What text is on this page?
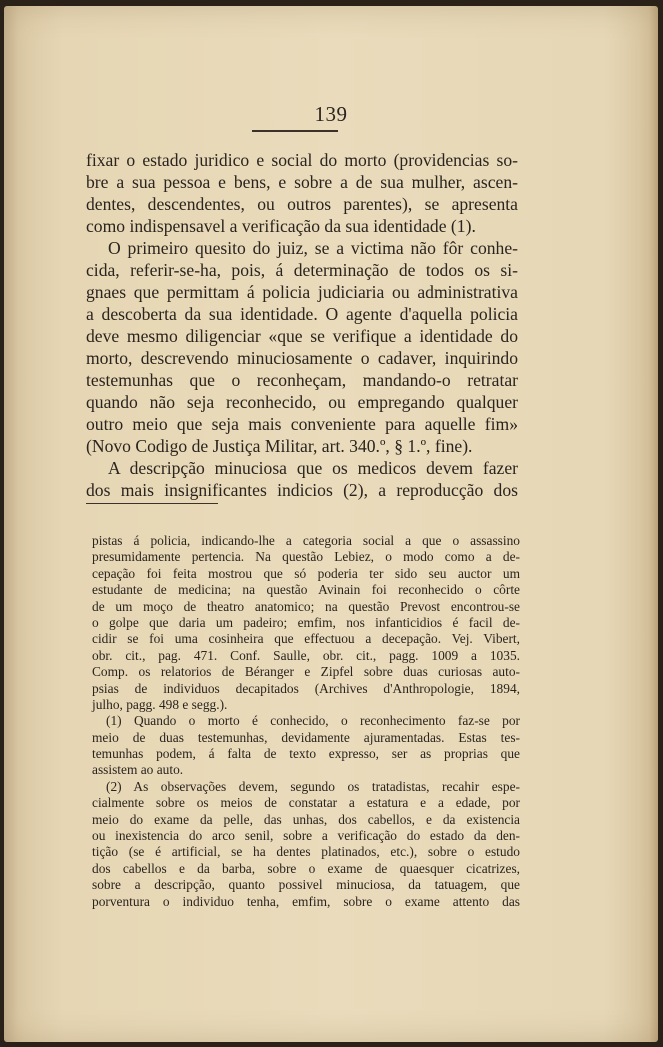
139
fixar o estado juridico e social do morto (providencias so-
bre a sua pessoa e bens, e sobre a de sua mulher, ascen-
dentes, descendentes, ou outros parentes), se apresenta
como indispensavel a verificação da sua identidade (1).
O primeiro quesito do juiz, se a victima não fôr conhe-
cida, referir-se-ha, pois, á determinação de todos os si-
gnaes que permittam á policia judiciaria ou administrativa
a descoberta da sua identidade. O agente d'aquella policia
deve mesmo diligenciar «que se verifique a identidade do
morto, descrevendo minuciosamente o cadaver, inquirindo
testemunhas que o reconheçam, mandando-o retratar
quando não seja reconhecido, ou empregando qualquer
outro meio que seja mais conveniente para aquelle fim»
(Novo Codigo de Justiça Militar, art. 340.º, § 1.º, fine).
A descripção minuciosa que os medicos devem fazer
dos mais insignificantes indicios (2), a reproducção dos
pistas á policia, indicando-lhe a categoria social a que o assassino
presumidamente pertencia. Na questão Lebiez, o modo como a de-
cepação foi feita mostrou que só poderia ter sido seu auctor um
estudante de medicina; na questão Avinain foi reconhecido o côrte
de um moço de theatro anatomico; na questão Prevost encontrou-se
o golpe que daria um padeiro; emfim, nos infanticidios é facil de-
cidir se foi uma cosinheira que effectuou a decepação. Vej. Vibert,
obr. cit., pag. 471. Conf. Saulle, obr. cit., pagg. 1009 a 1035.
Comp. os relatorios de Béranger e Zipfel sobre duas curiosas auto-
psias de individuos decapitados (Archives d'Anthropologie, 1894,
julho, pagg. 498 e segg.).
(1) Quando o morto é conhecido, o reconhecimento faz-se por
meio de duas testemunhas, devidamente ajuramentadas. Estas tes-
temunhas podem, á falta de texto expresso, ser as proprias que
assistem ao auto.
(2) As observações devem, segundo os tratadistas, recahir espe-
cialmente sobre os meios de constatar a estatura e a edade, por
meio do exame da pelle, das unhas, dos cabellos, e da existencia
ou inexistencia do arco senil, sobre a verificação do estado da den-
tição (se é artificial, se ha dentes platinados, etc.), sobre o estudo
dos cabellos e da barba, sobre o exame de quaesquer cicatrizes,
sobre a descripção, quanto possivel minuciosa, da tatuagem, que
porventura o individuo tenha, emfim, sobre o exame attento das
